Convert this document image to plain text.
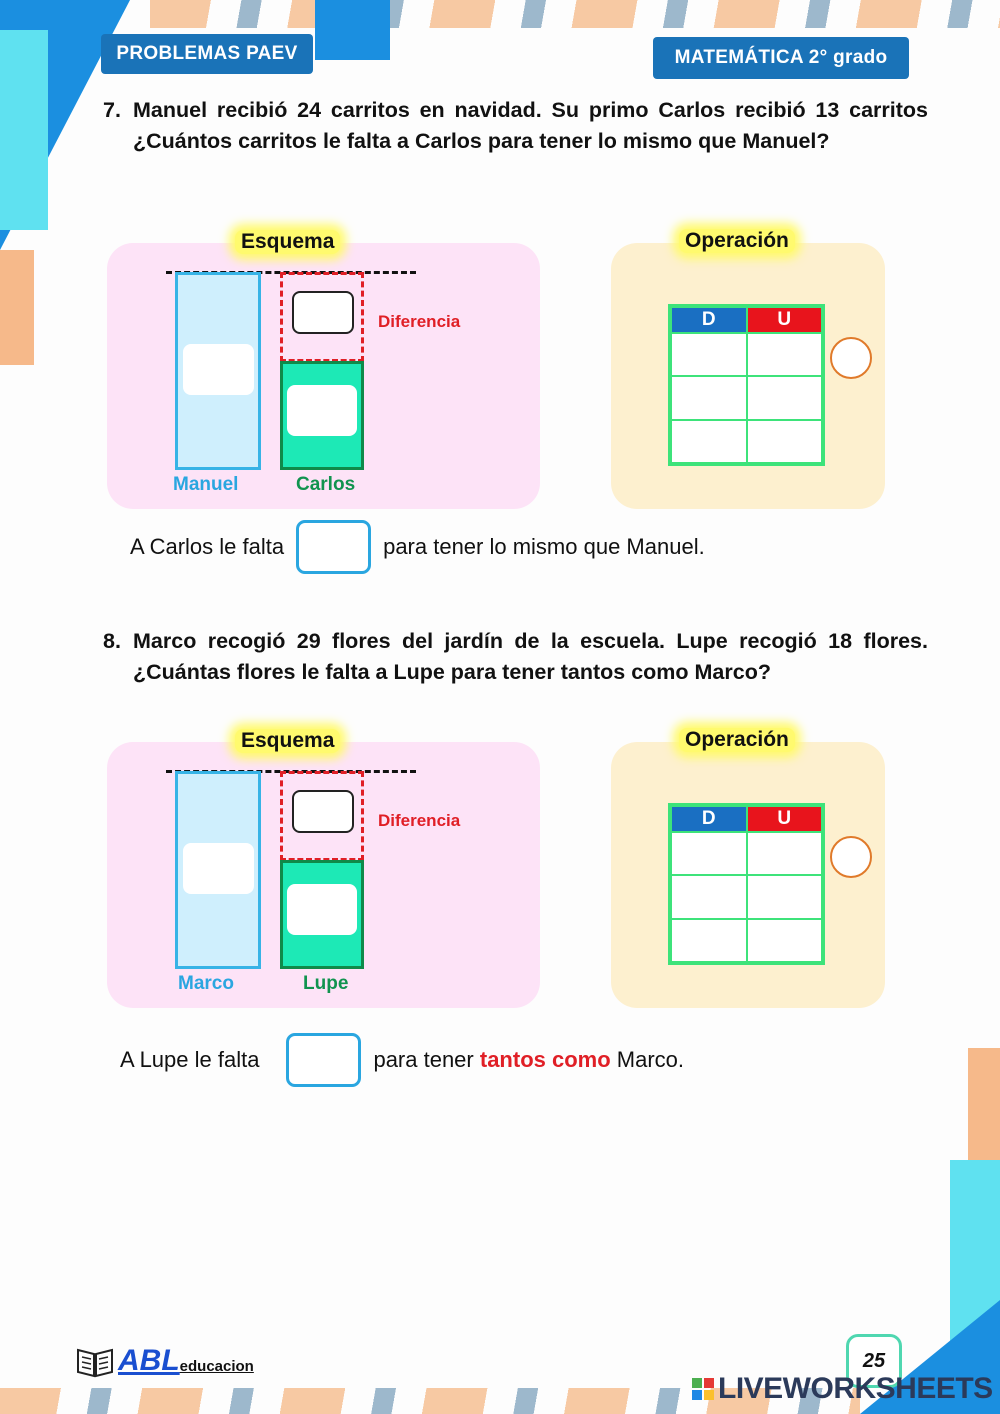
PROBLEMAS PAEV	MATEMÁTICA 2° grado
7. Manuel recibió 24 carritos en navidad. Su primo Carlos recibió 13 carritos ¿Cuántos carritos le falta a Carlos para tener lo mismo que Manuel?
Esquema
Diferencia
Manuel	Carlos
Operación
D	U
A Carlos le falta	para tener lo mismo que Manuel.
8. Marco recogió 29 flores del jardín de la escuela. Lupe recogió 18 flores. ¿Cuántas flores le falta a Lupe para tener tantos como Marco?
Esquema
Diferencia
Marco	Lupe
Operación
D	U
A Lupe le falta	para tener
tantos como
Marco.
ABL educacion	25
LIVEWORKSHEETS
